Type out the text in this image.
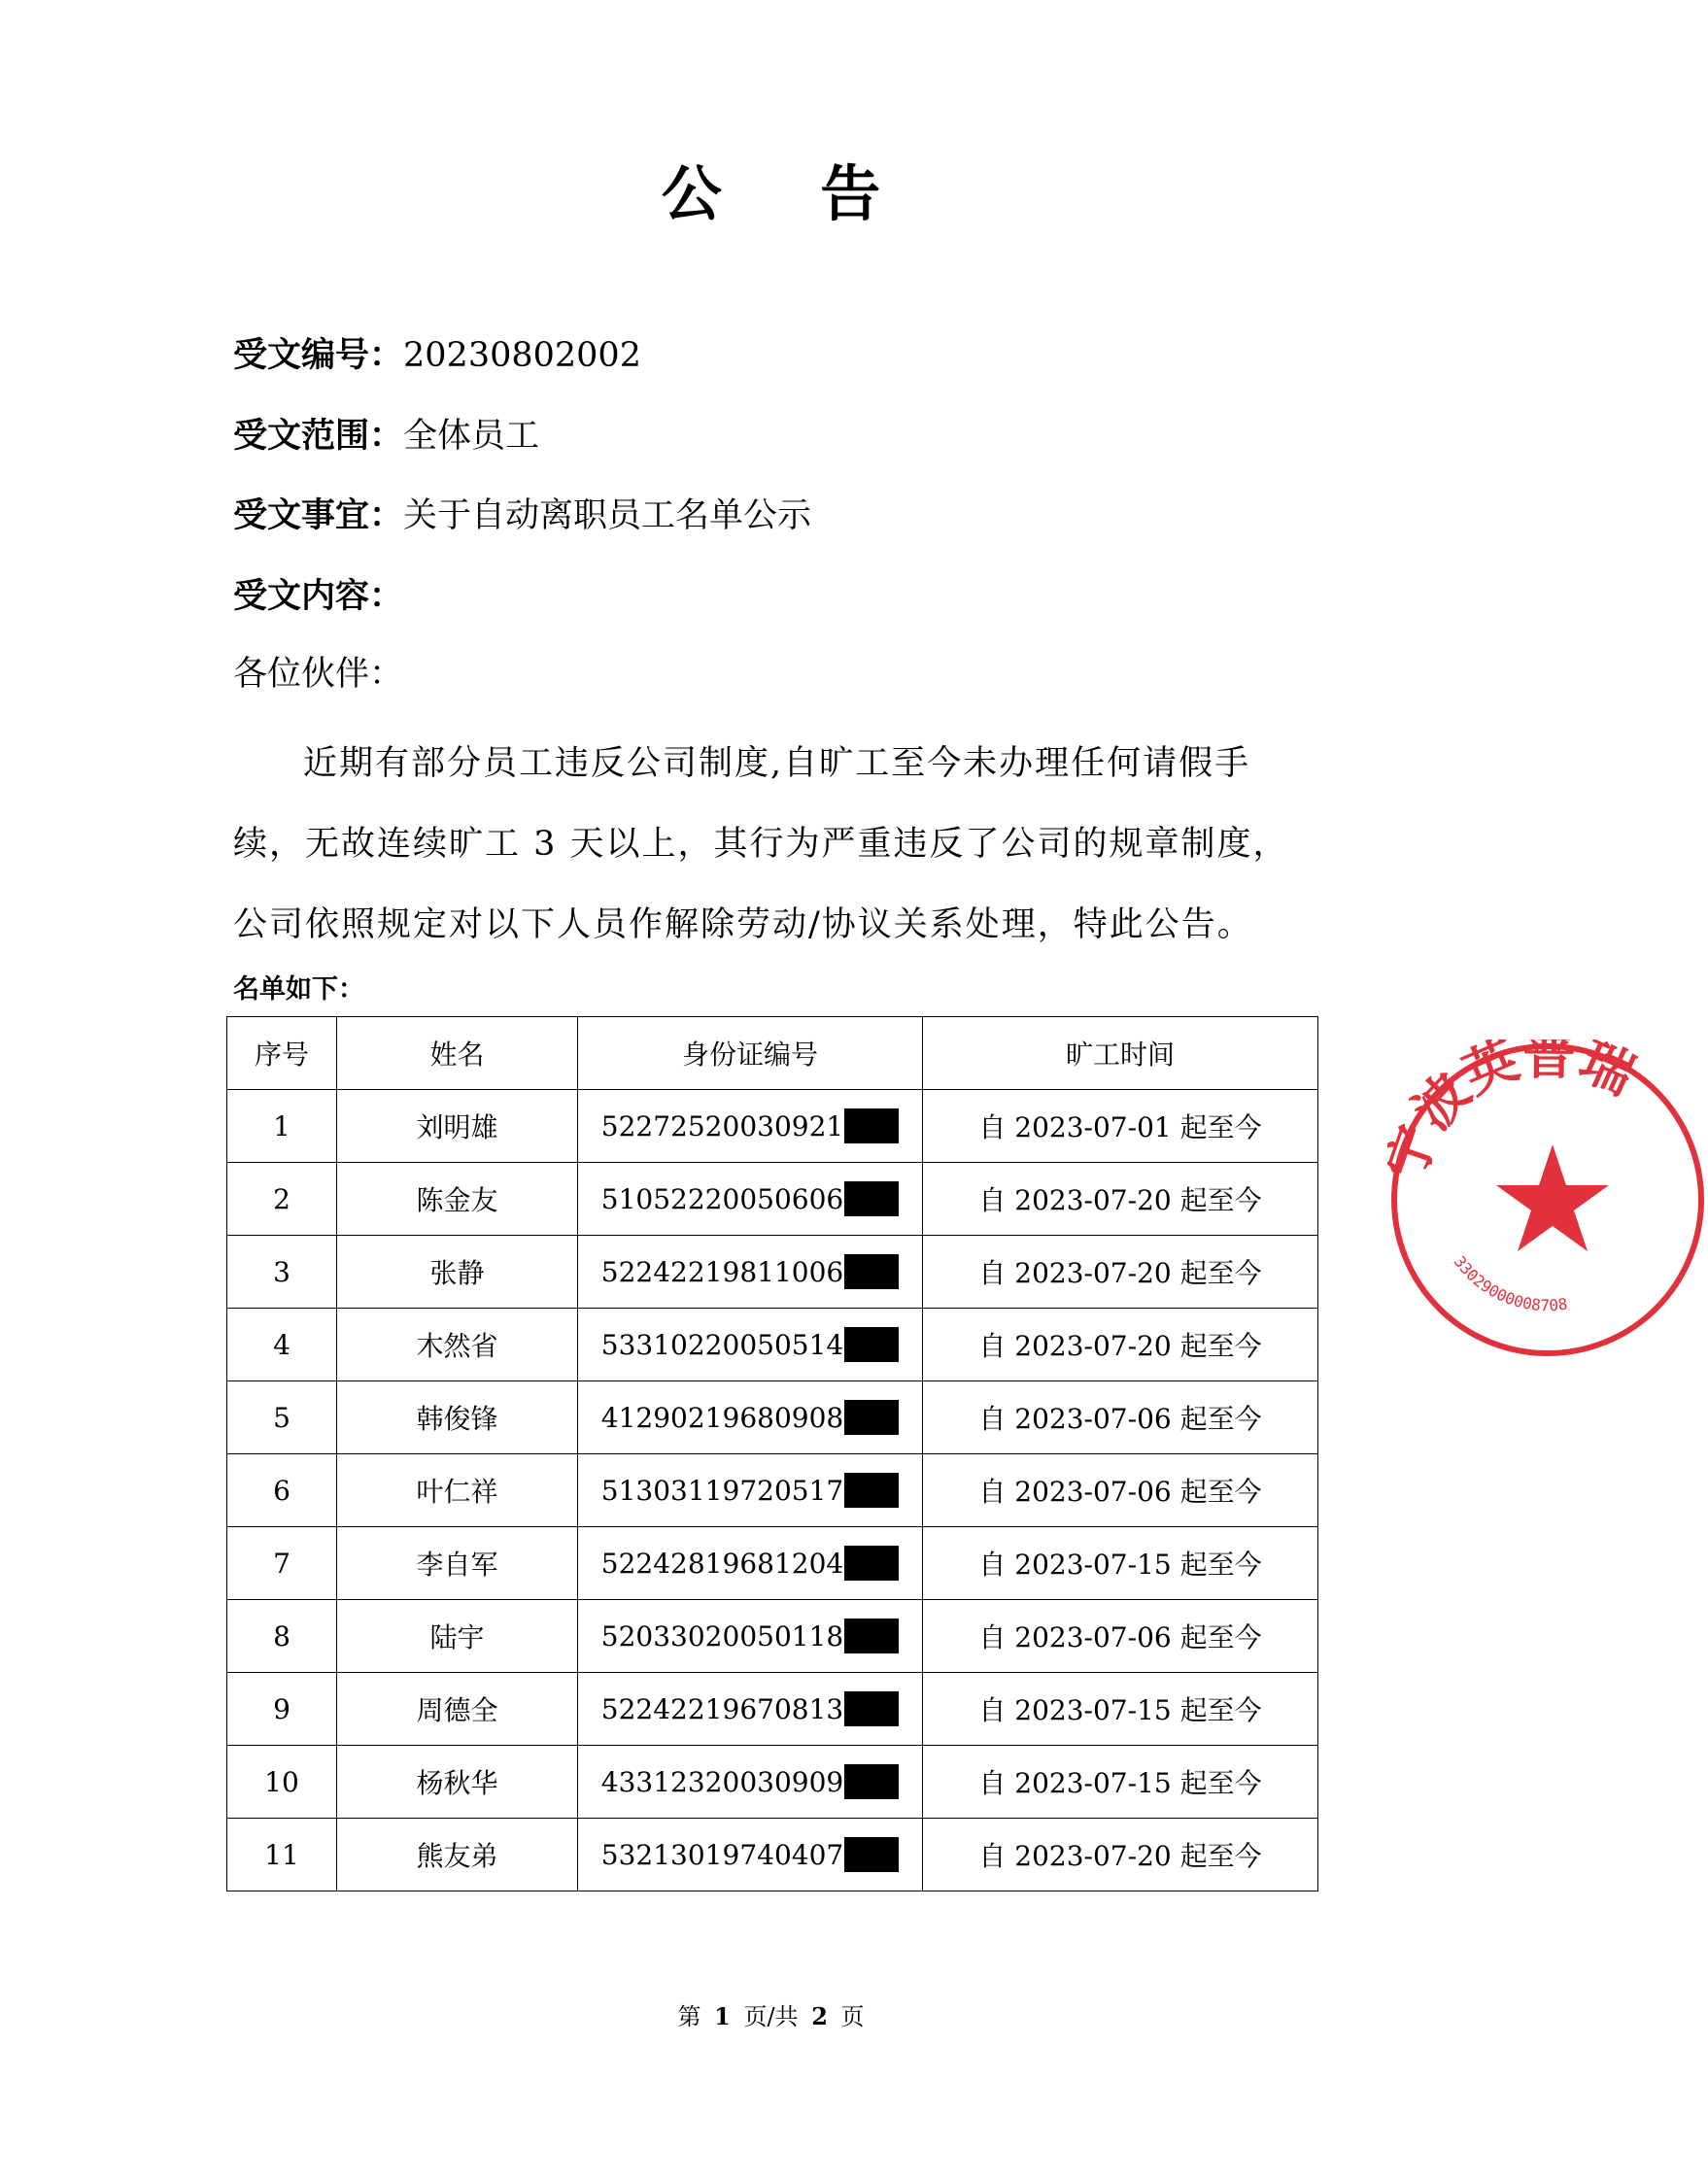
公 告
受文编号：20230802002
受文范围：全体员工
受文事宜：关于自动离职员工名单公示
受文内容：
各位伙伴：
近期有部分员工违反公司制度,自旷工至今未办理任何请假手续，无故连续旷工 3 天以上，其行为严重违反了公司的规章制度，公司依照规定对以下人员作解除劳动/协议关系处理，特此公告。
名单如下：
序号	姓名	身份证编号	旷工时间
1	刘明雄	52272520030921	自 2023-07-01 起至今
2	陈金友	51052220050606	自 2023-07-20 起至今
3	张静	52242219811006	自 2023-07-20 起至今
4	木然省	53310220050514	自 2023-07-20 起至今
5	韩俊锋	41290219680908	自 2023-07-06 起至今
6	叶仁祥	51303119720517	自 2023-07-06 起至今
7	李自军	52242819681204	自 2023-07-15 起至今
8	陆宇	52033020050118	自 2023-07-06 起至今
9	周德全	52242219670813	自 2023-07-15 起至今
10	杨秋华	43312320030909	自 2023-07-15 起至今
11	熊友弟	53213019740407	自 2023-07-20 起至今
第 1 页/共 2 页
波英普瑞
33029000008708
